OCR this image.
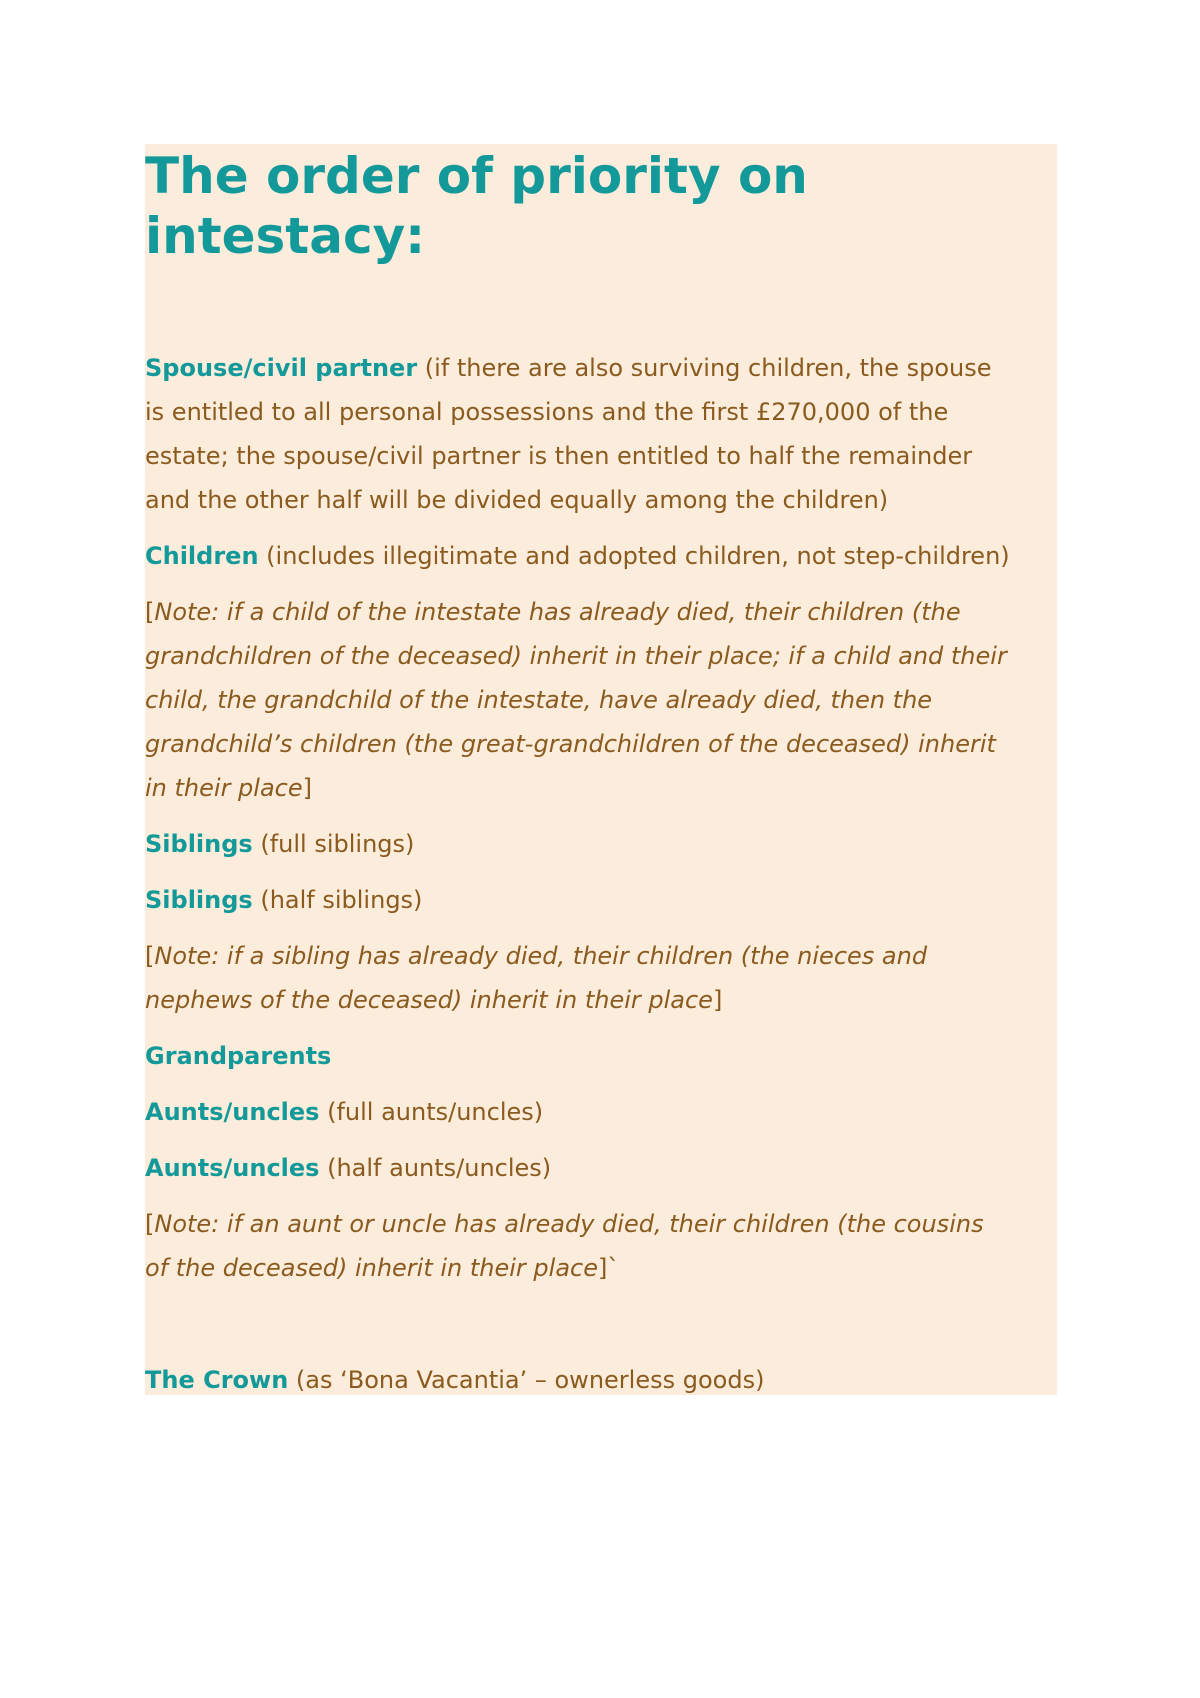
The order of priority on
intestacy:

Spouse/civil partner (if there are also surviving children, the spouse
is entitled to all personal possessions and the first £270,000 of the
estate; the spouse/civil partner is then entitled to half the remainder
and the other half will be divided equally among the children)

Children (includes illegitimate and adopted children, not step-children)

[Note: if a child of the intestate has already died, their children (the
grandchildren of the deceased) inherit in their place; if a child and their
child, the grandchild of the intestate, have already died, then the
grandchild’s children (the great-grandchildren of the deceased) inherit
in their place]

Siblings (full siblings)

Siblings (half siblings)

[Note: if a sibling has already died, their children (the nieces and
nephews of the deceased) inherit in their place]

Grandparents

Aunts/uncles (full aunts/uncles)

Aunts/uncles (half aunts/uncles)

[Note: if an aunt or uncle has already died, their children (the cousins
of the deceased) inherit in their place]`

The Crown (as ‘Bona Vacantia’ – ownerless goods)
